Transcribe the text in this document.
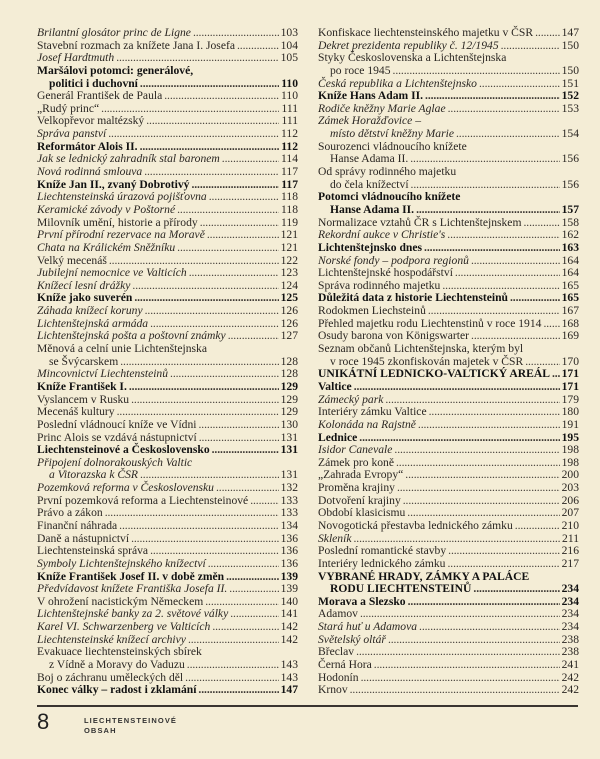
Brilantní glosátor princ de Ligne . . .	103
Stavební rozmach za knížete Jana I. Josefa . . .	104
Josef Hardtmuth . . .	105
Maršálovi potomci: generálové,
politici i duchovní . . .	110
Generál František de Paula . . .	110
„Rudý princ“ . . .	111
Velkopřevor maltézský . . .	111
Správa panství . . .	112
Reformátor Alois II. . . .	112
Jak se lednický zahradník stal baronem . . .	114
Nová rodinná smlouva . . .	117
Kníže Jan II., zvaný Dobrotivý . . .	117
Liechtensteinská úrazová pojišťovna . . .	118
Keramické závody v Poštorné . . .	118
Milovník umění, historie a přírody . . .	119
První přírodní rezervace na Moravě . . .	121
Chata na Králickém Sněžníku . . .	121
Velký mecenáš . . .	122
Jubilejní nemocnice ve Valticích . . .	123
Knížecí lesní drážky . . .	124
Kníže jako suverén . . .	125
Záhada knížecí koruny . . .	126
Lichtenštejnská armáda . . .	126
Lichtenštejnská pošta a poštovní známky . . .	127
Měnová a celní unie Lichtenštejnska
se Švýcarskem . . .	128
Mincovnictví Liechtensteinů . . .	128
Kníže František I. . . .	129
Vyslancem v Rusku . . .	129
Mecenáš kultury . . .	129
Poslední vládnoucí kníže ve Vídni . . .	130
Princ Alois se vzdává nástupnictví . . .	131
Liechtensteinové a Československo . . .	131
Připojení dolnorakouských Valtic
a Vitorazska k ČSR . . .	131
Pozemková reforma v Československu . . .	132
První pozemková reforma a Liechtensteinové . . .	133
Právo a zákon . . .	133
Finanční náhrada . . .	134
Daně a nástupnictví . . .	136
Liechtensteinská správa . . .	136
Symboly Lichtenštejnského knížectví . . .	136
Kníže František Josef II. v době změn . . .	139
Předvídavost knížete Františka Josefa II. . . .	139
V ohrožení nacistickým Německem . . .	140
Lichtenštejnské banky za 2. světové války . . .	141
Karel VI. Schwarzenberg ve Valticích . . .	142
Liechtensteinské knížecí archivy . . .	142
Evakuace liechtensteinských sbírek
z Vídně a Moravy do Vaduzu . . .	143
Boj o záchranu uměleckých děl . . .	143
Konec války – radost i zklamání . . .	147
Konfiskace liechtensteinského majetku v ČSR . . . 147
Dekret prezidenta republiky č. 12/1945 . . .	150
Styky Československa a Lichtenštejnska
po roce 1945 . . .	150
Česká republika a Lichtenštejnsko . . .	151
Kníže Hans Adam II. . . .	152
Rodiče kněžny Marie Aglae . . .	153
Zámek Horažďovice –
místo dětství kněžny Marie . . .	154
Sourozenci vládnoucího knížete
Hanse Adama II. . . .	156
Od správy rodinného majetku
do čela knížectví . . .	156
Potomci vládnoucího knížete
Hanse Adama II. . . .	157
Normalizace vztahů ČR s Lichtenštejnskem . . .	158
Rekordní aukce v Christie's . . .	162
Lichtenštejnsko dnes . . .	163
Norské fondy – podpora regionů . . .	164
Lichtenštejnské hospodářství . . .	164
Správa rodinného majetku . . .	165
Důležitá data z historie Liechtensteinů . . .	165
Rodokmen Liechsteinů . . .	167
Přehled majetku rodu Liechtenstinů v roce 1914 . . . 168
Osudy barona von Königswarter . . .	169
Seznam občanů Lichtenštejnska, kterým byl
v roce 1945 zkonfiskován majetek v ČSR . . .	170
UNIKÁTNÍ LEDNICKO-VALTICKÝ AREÁL . . . 171
Valtice . . .	171
Zámecký park . . .	179
Interiéry zámku Valtice . . .	180
Kolonáda na Rajstně . . .	191
Lednice . . .	195
Isidor Canevale . . .	198
Zámek pro koně . . .	198
„Zahrada Evropy“ . . .	200
Proměna krajiny . . .	203
Dotvoření krajiny . . .	206
Období klasicismu . . .	207
Novogotická přestavba lednického zámku . . .	210
Skleník . . .	211
Poslední romantické stavby . . .	216
Interiéry lednického zámku . . .	217
VYBRANÉ HRADY, ZÁMKY A PALÁCE
RODU LIECHTENSTEINŮ . . .	234
Morava a Slezsko . . .	234
Adamov . . .	234
Stará huť u Adamova . . .	234
Světelský oltář . . .	238
Břeclav . . .	238
Černá Hora . . .	241
Hodonín . . .	242
Krnov . . .	242
8	LIECHTENSTEINOVÉ
OBSAH
